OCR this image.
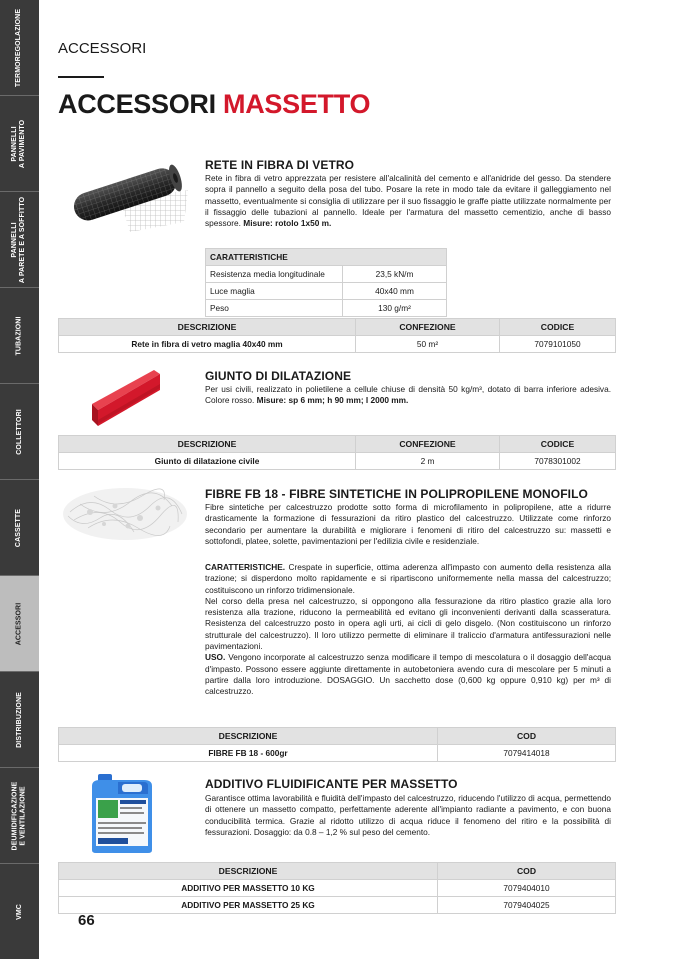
TERMOREGOLAZIONE
PANNELLI
A PAVIMENTO
PANNELLI
A PARETE E A SOFFITTO
TUBAZIONI
COLLETTORI
CASSETTE
ACCESSORI
DISTRIBUZIONE
DEUMIDIFICAZIONE
E VENTILAZIONE
VMC
ACCESSORI
ACCESSORI MASSETTO
RETE IN FIBRA DI VETRO
Rete in fibra di vetro apprezzata per resistere all'alcalinità del cemento e all'anidride del gesso. Da stendere sopra il pannello a seguito della posa del tubo. Posare la rete in modo tale da evitare il galleggiamento nel massetto, eventualmente si consiglia di utilizzare per il suo fissaggio le graffe piatte utilizzate normalmente per il fissaggio delle tubazioni al pannello. Ideale per l'armatura del massetto cementizio, anche di basso spessore. Misure: rotolo 1x50 m.
CARATTERISTICHE	
Resistenza media longitudinale	23,5 kN/m
Luce maglia	40x40 mm
Peso	130 g/m²
DESCRIZIONE	CONFEZIONE	CODICE
Rete in fibra di vetro maglia 40x40 mm	50 m²	7079101050
GIUNTO DI DILATAZIONE
Per usi civili, realizzato in polietilene a cellule chiuse di densità 50 kg/m³, dotato di barra inferiore adesiva. Colore rosso. Misure: sp 6 mm; h 90 mm; l 2000 mm.
DESCRIZIONE	CONFEZIONE	CODICE
Giunto di dilatazione civile	2 m	7078301002
FIBRE FB 18 - FIBRE SINTETICHE IN POLIPROPILENE MONOFILO
Fibre sintetiche per calcestruzzo prodotte sotto forma di microfilamento in polipropilene, atte a ridurre drasticamente la formazione di fessurazioni da ritiro plastico del calcestruzzo. Utilizzate come rinforzo secondario per aumentare la durabilità e migliorare i fenomeni di ritiro del calcestruzzo su: massetti e sottofondi, platee, solette, pavimentazioni per l'edilizia civile e residenziale.
CARATTERISTICHE. Crespate in superficie, ottima aderenza all'impasto con aumento della resistenza alla trazione; si disperdono molto rapidamente e si ripartiscono uniformemente nella massa del calcestruzzo; costituiscono un rinforzo tridimensionale.
Nel corso della presa nel calcestruzzo, si oppongono alla fessurazione da ritiro plastico grazie alla loro resistenza alla trazione, riducono la permeabilità ed evitano gli inconvenienti derivanti dalla scasseratura. Resistenza del calcestruzzo posto in opera agli urti, ai cicli di gelo disgelo. (Non costituiscono un rinforzo strutturale del calcestruzzo). Il loro utilizzo permette di eliminare il traliccio d'armatura antifessurazioni nelle pavimentazioni.
USO. Vengono incorporate al calcestruzzo senza modificare il tempo di mescolatura o il dosaggio dell'acqua d'impasto. Possono essere aggiunte direttamente in autobetoniera avendo cura di mescolare per 5 minuti a partire dalla loro introduzione. DOSAGGIO. Un sacchetto dose (0,600 kg oppure 0,910 kg) per m³ di calcestruzzo.
DESCRIZIONE	COD
FIBRE FB 18 - 600gr	7079414018
ADDITIVO FLUIDIFICANTE PER MASSETTO
Garantisce ottima lavorabilità e fluidità dell'impasto del calcestruzzo, riducendo l'utilizzo di acqua, permettendo di ottenere un massetto compatto, perfettamente aderente all'impianto radiante a pavimento, e con buona conducibilità termica. Grazie al ridotto utilizzo di acqua riduce il fenomeno del ritiro e la possibilità di fessurazioni. Dosaggio: da 0.8 – 1,2 % sul peso del cemento.
DESCRIZIONE	COD
ADDITIVO PER MASSETTO 10 KG	7079404010
ADDITIVO PER MASSETTO 25 KG	7079404025
66
